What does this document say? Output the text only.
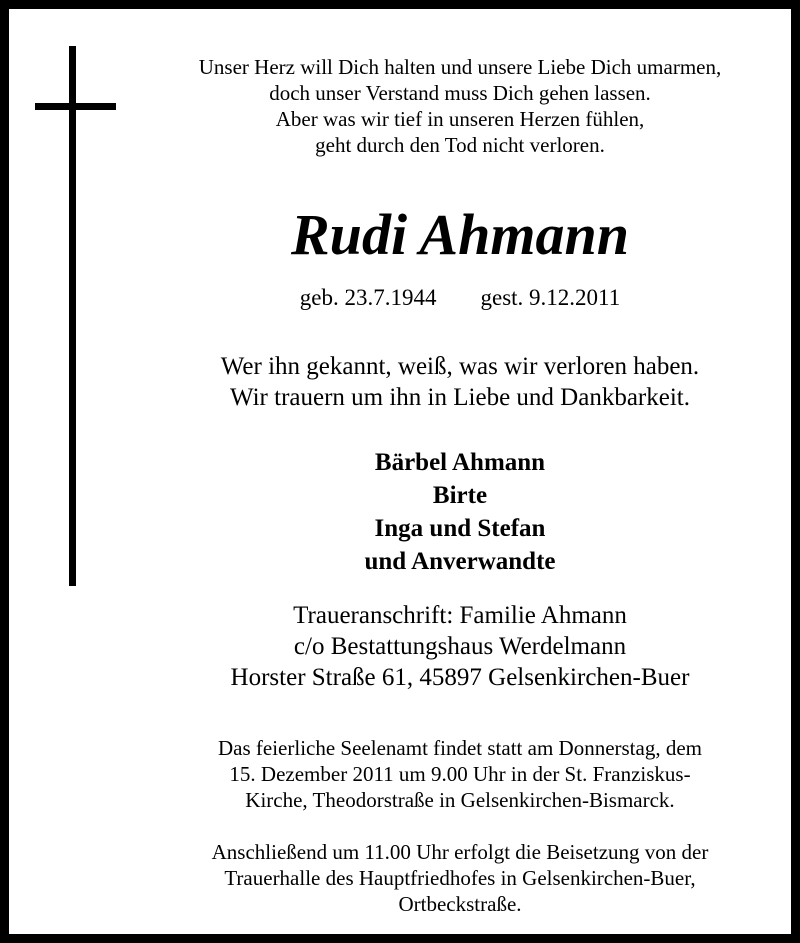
Unser Herz will Dich halten und unsere Liebe Dich umarmen,
doch unser Verstand muss Dich gehen lassen.
Aber was wir tief in unseren Herzen fühlen,
geht durch den Tod nicht verloren.
Rudi Ahmann
geb. 23.7.1944 gest. 9.12.2011
Wer ihn gekannt, weiß, was wir verloren haben.
Wir trauern um ihn in Liebe und Dankbarkeit.
Bärbel Ahmann
Birte
Inga und Stefan
und Anverwandte
Traueranschrift: Familie Ahmann
c/o Bestattungshaus Werdelmann
Horster Straße 61, 45897 Gelsenkirchen-Buer
Das feierliche Seelenamt findet statt am Donnerstag, dem
15. Dezember 2011 um 9.00 Uhr in der St. Franziskus-
Kirche, Theodorstraße in Gelsenkirchen-Bismarck.
Anschließend um 11.00 Uhr erfolgt die Beisetzung von der
Trauerhalle des Hauptfriedhofes in Gelsenkirchen-Buer,
Ortbeckstraße.
